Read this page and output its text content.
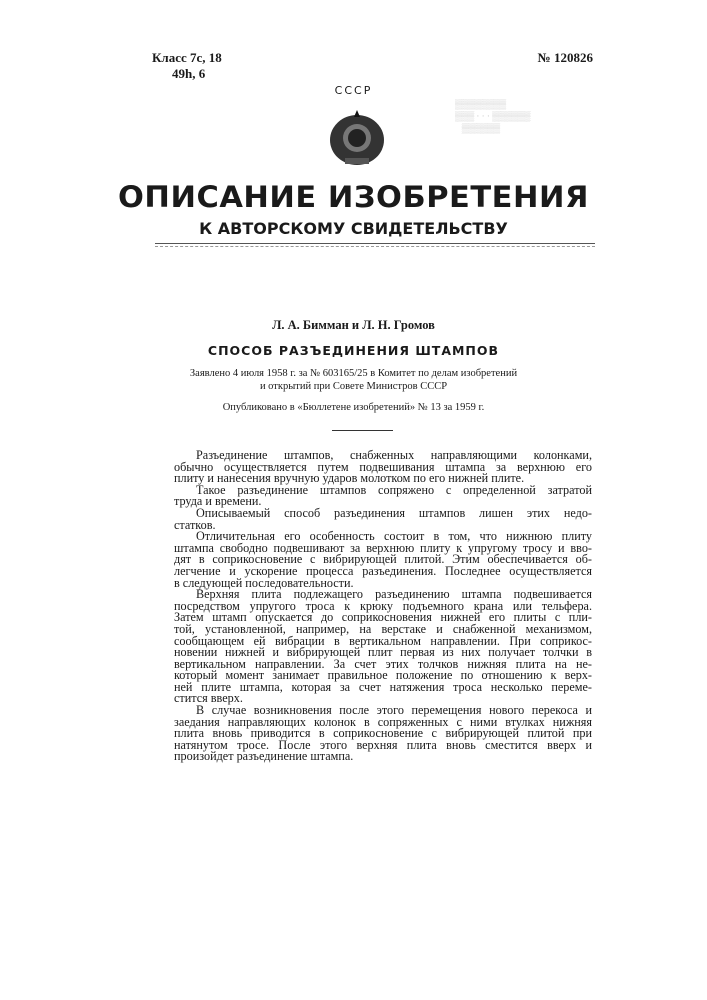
Класс 7с, 18
49h, 6
№ 120826
СССР
▒▒▒▒▒▒▒▒
▒▒▒ · · · ▒▒▒▒▒▒
▒▒▒▒▒▒
ОПИСАНИЕ ИЗОБРЕТЕНИЯ
К АВТОРСКОМУ СВИДЕТЕЛЬСТВУ
Л. А. Бимман и Л. Н. Громов
СПОСОБ РАЗЪЕДИНЕНИЯ ШТАМПОВ
Заявлено 4 июля 1958 г. за № 603165/25 в Комитет по делам изобретений
и открытий при Совете Министров СССР
Опубликовано в «Бюллетене изобретений» № 13 за 1959 г.
Разъединение штампов, снабженных направляющими колонками,
обычно осуществляется путем подвешивания штампа за верхнюю его
плиту и нанесения вручную ударов молотком по его нижней плите.
Такое разъединение штампов сопряжено с определенной затратой
труда и времени.
Описываемый способ разъединения штампов лишен этих недо-
статков.
Отличительная его особенность состоит в том, что нижнюю плиту
штампа свободно подвешивают за верхнюю плиту к упругому тросу и вво-
дят в соприкосновение с вибрирующей плитой. Этим обеспечивается об-
легчение и ускорение процесса разъединения. Последнее осуществляется
в следующей последовательности.
Верхняя плита подлежащего разъединению штампа подвешивается
посредством упругого троса к крюку подъемного крана или тельфера.
Затем штамп опускается до соприкосновения нижней его плиты с пли-
той, установленной, например, на верстаке и снабженной механизмом,
сообщающем ей вибрации в вертикальном направлении. При соприкос-
новении нижней и вибрирующей плит первая из них получает толчки в
вертикальном направлении. За счет этих толчков нижняя плита на не-
который момент занимает правильное положение по отношению к верх-
ней плите штампа, которая за счет натяжения троса несколько переме-
стится вверх.
В случае возникновения после этого перемещения нового перекоса и
заедания направляющих колонок в сопряженных с ними втулках нижняя
плита вновь приводится в соприкосновение с вибрирующей плитой при
натянутом тросе. После этого верхняя плита вновь сместится вверх и
произойдет разъединение штампа.
